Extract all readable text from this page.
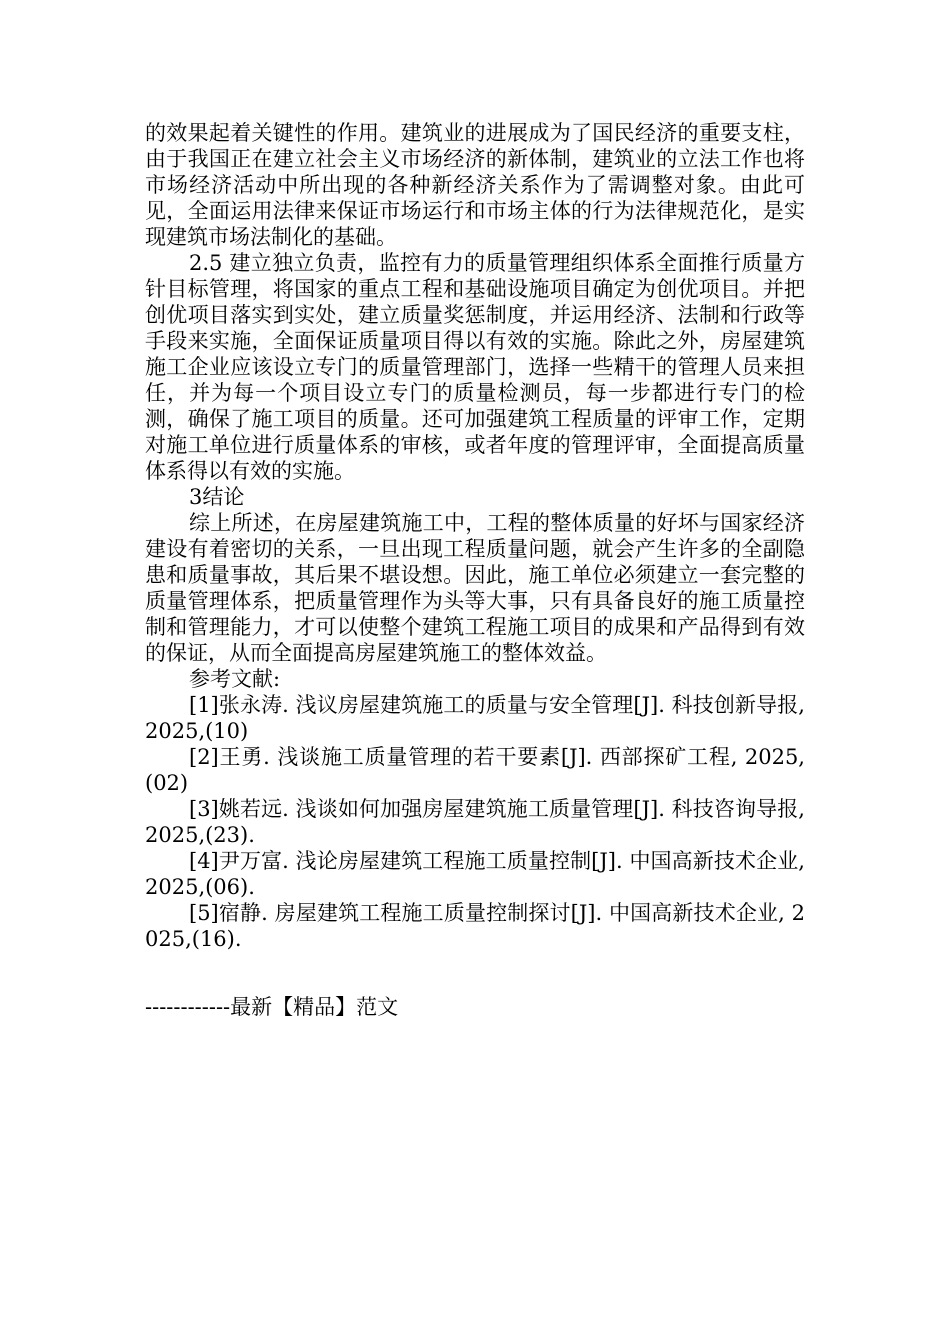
的效果起着关键性的作用。建筑业的进展成为了国民经济的重要支柱，由于我国正在建立社会主义市场经济的新体制，建筑业的立法工作也将市场经济活动中所出现的各种新经济关系作为了需调整对象。由此可见，全面运用法律来保证市场运行和市场主体的行为法律规范化，是实现建筑市场法制化的基础。

2.5 建立独立负责，监控有力的质量管理组织体系全面推行质量方针目标管理，将国家的重点工程和基础设施项目确定为创优项目。并把创优项目落实到实处，建立质量奖惩制度，并运用经济、法制和行政等手段来实施，全面保证质量项目得以有效的实施。除此之外，房屋建筑施工企业应该设立专门的质量管理部门，选择一些精干的管理人员来担任，并为每一个项目设立专门的质量检测员，每一步都进行专门的检测，确保了施工项目的质量。还可加强建筑工程质量的评审工作，定期对施工单位进行质量体系的审核，或者年度的管理评审，全面提高质量体系得以有效的实施。

3结论

综上所述，在房屋建筑施工中，工程的整体质量的好坏与国家经济建设有着密切的关系，一旦出现工程质量问题，就会产生许多的全副隐患和质量事故，其后果不堪设想。因此，施工单位必须建立一套完整的质量管理体系，把质量管理作为头等大事，只有具备良好的施工质量控制和管理能力，才可以使整个建筑工程施工项目的成果和产品得到有效的保证，从而全面提高房屋建筑施工的整体效益。

参考文献:

[1]张永涛. 浅议房屋建筑施工的质量与安全管理[J]. 科技创新导报, 2025,(10)

[2]王勇. 浅谈施工质量管理的若干要素[J]. 西部探矿工程, 2025,(02)

[3]姚若远. 浅谈如何加强房屋建筑施工质量管理[J]. 科技咨询导报, 2025,(23).

[4]尹万富. 浅论房屋建筑工程施工质量控制[J]. 中国高新技术企业, 2025,(06).

[5]宿静. 房屋建筑工程施工质量控制探讨[J]. 中国高新技术企业, 2025,(16).

------------最新【精品】范文
